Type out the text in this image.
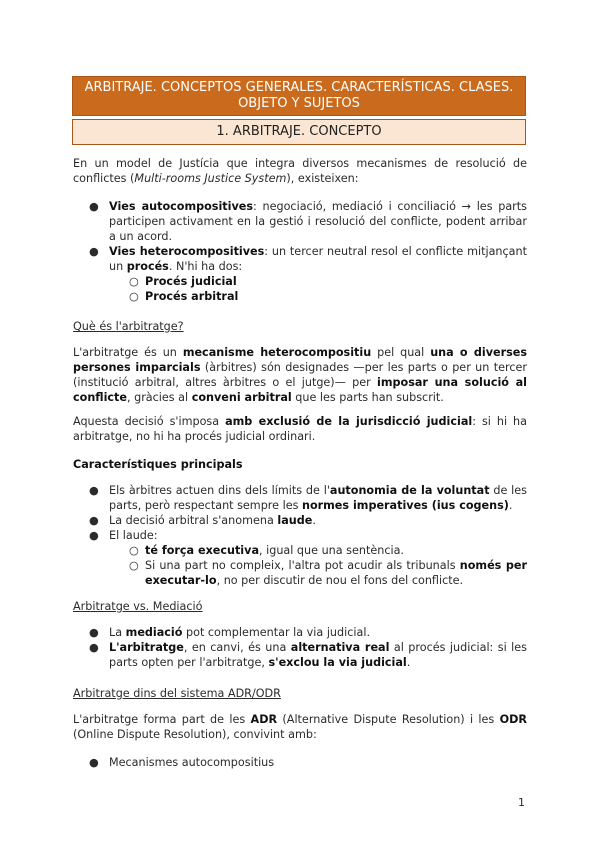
ARBITRAJE. CONCEPTOS GENERALES. CARACTERÍSTICAS. CLASES. OBJETO Y SUJETOS
1. ARBITRAJE. CONCEPTO

En un model de Justícia que integra diversos mecanismes de resolució de conflictes (Multi-rooms Justice System), existeixen:

● Vies autocompositives: negociació, mediació i conciliació → les parts participen activament en la gestió i resolució del conflicte, podent arribar a un acord.
● Vies heterocompositives: un tercer neutral resol el conflicte mitjançant un procés. N'hi ha dos:
○ Procés judicial
○ Procés arbitral

Què és l'arbitratge?

L'arbitratge és un mecanisme heterocompositiu pel qual una o diverses persones imparcials (àrbitres) són designades —per les parts o per un tercer (institució arbitral, altres àrbitres o el jutge)— per imposar una solució al conflicte, gràcies al conveni arbitral que les parts han subscrit.

Aquesta decisió s'imposa amb exclusió de la jurisdicció judicial: si hi ha arbitratge, no hi ha procés judicial ordinari.

Característiques principals

● Els àrbitres actuen dins dels límits de l'autonomia de la voluntat de les parts, però respectant sempre les normes imperatives (ius cogens).
● La decisió arbitral s'anomena laude.
● El laude:
○ té força executiva, igual que una sentència.
○ Si una part no compleix, l'altra pot acudir als tribunals només per executar-lo, no per discutir de nou el fons del conflicte.

Arbitratge vs. Mediació

● La mediació pot complementar la via judicial.
● L'arbitratge, en canvi, és una alternativa real al procés judicial: si les parts opten per l'arbitratge, s'exclou la via judicial.

Arbitratge dins del sistema ADR/ODR

L'arbitratge forma part de les ADR (Alternative Dispute Resolution) i les ODR (Online Dispute Resolution), convivint amb:

● Mecanismes autocompositius
1
